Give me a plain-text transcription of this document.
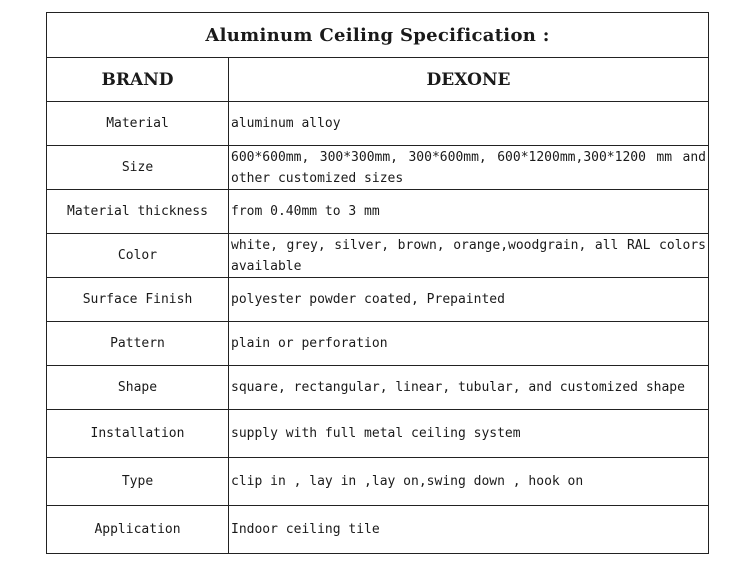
Aluminum Ceiling Specification :	
BRAND	DEXONE
Material	aluminum alloy

Size	600*600mm, 300*300mm, 300*600mm, 600*1200mm,300*1200 mm and other customized sizes

Material thickness	from 0.40mm to 3 mm

Color	white, grey, silver, brown, orange,woodgrain, all RAL colors available

Surface Finish	polyester powder coated, Prepainted

Pattern	plain or perforation

Shape	square, rectangular, linear, tubular, and customized shape

Installation	supply with full metal ceiling system

Type	clip in , lay in ,lay on,swing down , hook on

Application	Indoor ceiling tile
